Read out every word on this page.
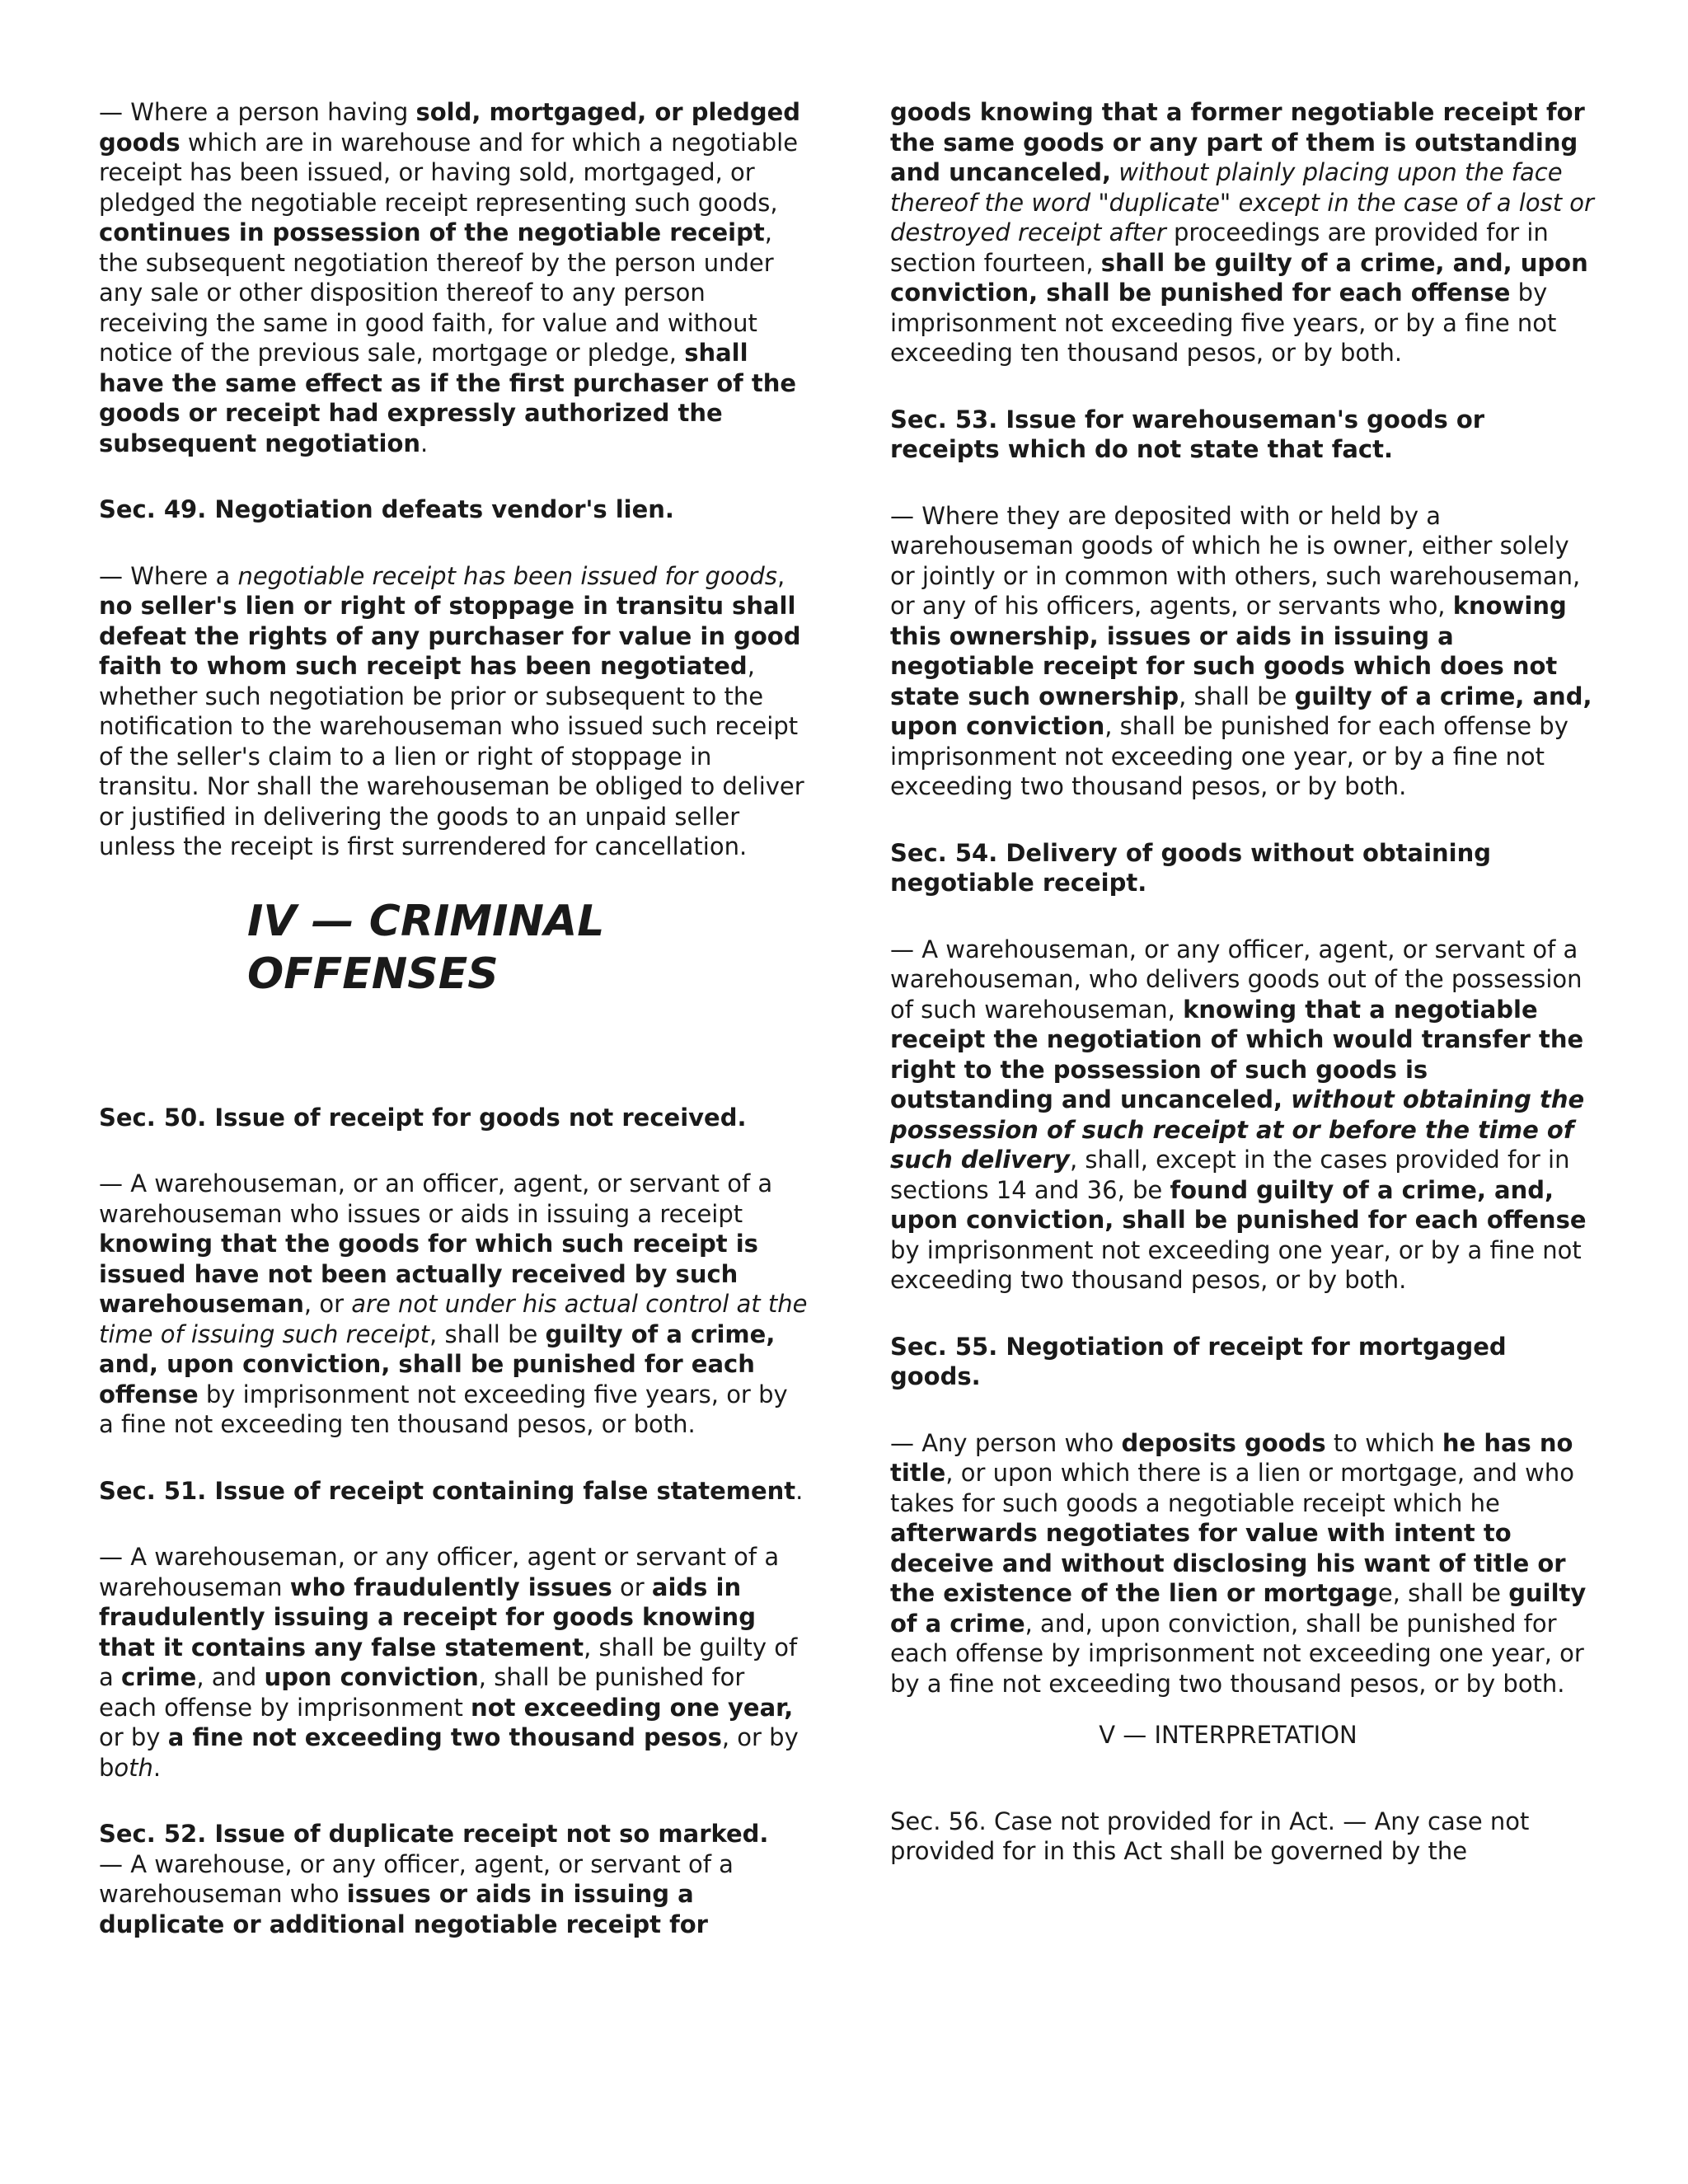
— Where a person having sold, mortgaged, or pledged goods which are in warehouse and for which a negotiable receipt has been issued, or having sold, mortgaged, or pledged the negotiable receipt representing such goods, continues in possession of the negotiable receipt, the subsequent negotiation thereof by the person under any sale or other disposition thereof to any person receiving the same in good faith, for value and without notice of the previous sale, mortgage or pledge, shall have the same effect as if the first purchaser of the goods or receipt had expressly authorized the subsequent negotiation.

Sec. 49. Negotiation defeats vendor's lien.

— Where a negotiable receipt has been issued for goods, no seller's lien or right of stoppage in transitu shall defeat the rights of any purchaser for value in good faith to whom such receipt has been negotiated, whether such negotiation be prior or subsequent to the notification to the warehouseman who issued such receipt of the seller's claim to a lien or right of stoppage in transitu. Nor shall the warehouseman be obliged to deliver or justified in delivering the goods to an unpaid seller unless the receipt is first surrendered for cancellation.

IV — CRIMINAL OFFENSES
Sec. 50. Issue of receipt for goods not received.

— A warehouseman, or an officer, agent, or servant of a warehouseman who issues or aids in issuing a receipt knowing that the goods for which such receipt is issued have not been actually received by such warehouseman, or are not under his actual control at the time of issuing such receipt, shall be guilty of a crime, and, upon conviction, shall be punished for each offense by imprisonment not exceeding five years, or by a fine not exceeding ten thousand pesos, or both.

Sec. 51. Issue of receipt containing false statement.

— A warehouseman, or any officer, agent or servant of a warehouseman who fraudulently issues or aids in fraudulently issuing a receipt for goods knowing that it contains any false statement, shall be guilty of a crime, and upon conviction, shall be punished for each offense by imprisonment not exceeding one year, or by a fine not exceeding two thousand pesos, or by both.

Sec. 52. Issue of duplicate receipt not so marked.

— A warehouse, or any officer, agent, or servant of a warehouseman who issues or aids in issuing a duplicate or additional negotiable receipt for

goods knowing that a former negotiable receipt for the same goods or any part of them is outstanding and uncanceled, without plainly placing upon the face thereof the word "duplicate" except in the case of a lost or destroyed receipt after proceedings are provided for in section fourteen, shall be guilty of a crime, and, upon conviction, shall be punished for each offense by imprisonment not exceeding five years, or by a fine not exceeding ten thousand pesos, or by both.

Sec. 53. Issue for warehouseman's goods or receipts which do not state that fact.

— Where they are deposited with or held by a warehouseman goods of which he is owner, either solely or jointly or in common with others, such warehouseman, or any of his officers, agents, or servants who, knowing this ownership, issues or aids in issuing a negotiable receipt for such goods which does not state such ownership, shall be guilty of a crime, and, upon conviction, shall be punished for each offense by imprisonment not exceeding one year, or by a fine not exceeding two thousand pesos, or by both.

Sec. 54. Delivery of goods without obtaining negotiable receipt.

— A warehouseman, or any officer, agent, or servant of a warehouseman, who delivers goods out of the possession of such warehouseman, knowing that a negotiable receipt the negotiation of which would transfer the right to the possession of such goods is outstanding and uncanceled, without obtaining the possession of such receipt at or before the time of such delivery, shall, except in the cases provided for in sections 14 and 36, be found guilty of a crime, and, upon conviction, shall be punished for each offense by imprisonment not exceeding one year, or by a fine not exceeding two thousand pesos, or by both.

Sec. 55. Negotiation of receipt for mortgaged goods.

— Any person who deposits goods to which he has no title, or upon which there is a lien or mortgage, and who takes for such goods a negotiable receipt which he afterwards negotiates for value with intent to deceive and without disclosing his want of title or the existence of the lien or mortgage, shall be guilty of a crime, and, upon conviction, shall be punished for each offense by imprisonment not exceeding one year, or by a fine not exceeding two thousand pesos, or by both.

V — INTERPRETATION

Sec. 56. Case not provided for in Act. — Any case not provided for in this Act shall be governed by the
